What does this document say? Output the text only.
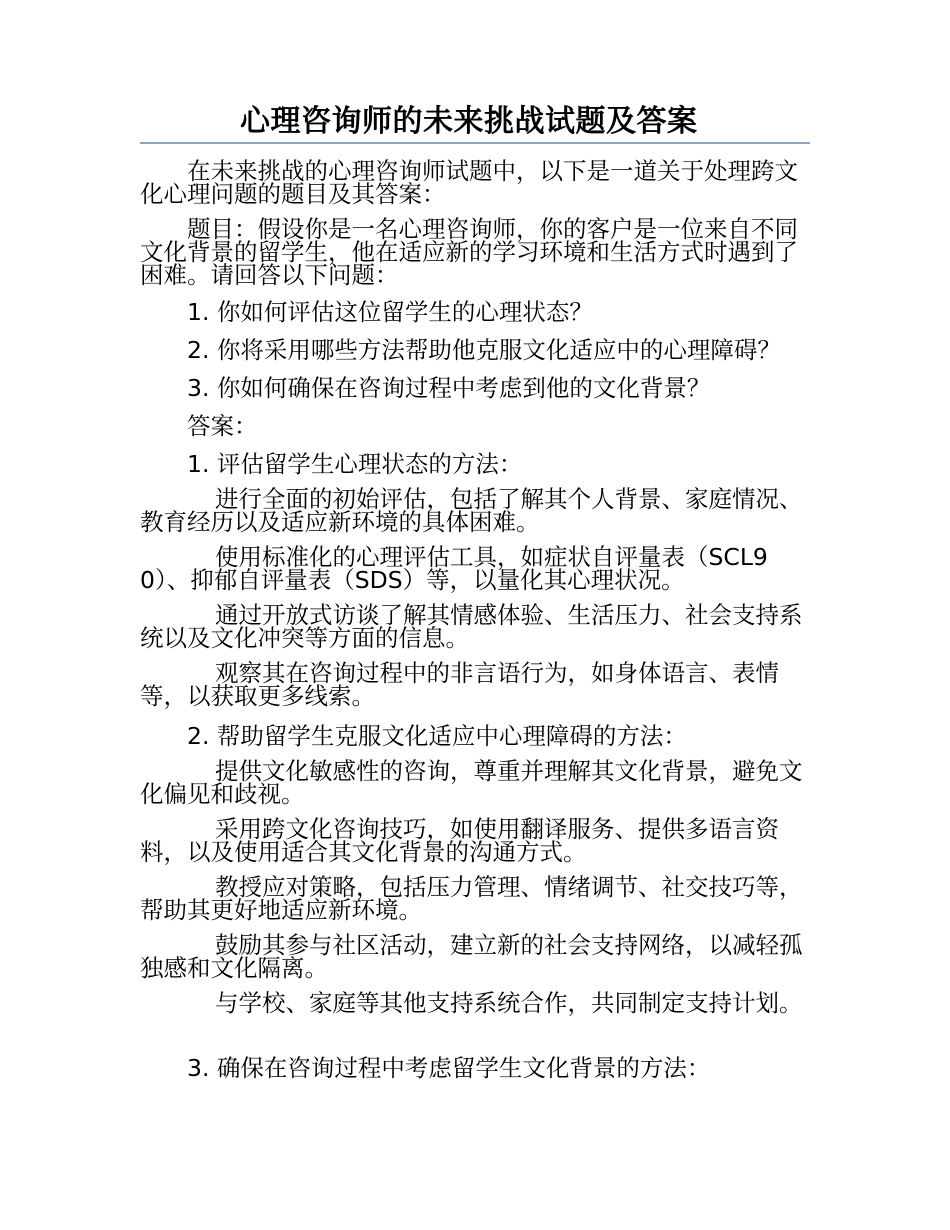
心理咨询师的未来挑战试题及答案
在未来挑战的心理咨询师试题中，以下是一道关于处理跨文化心理问题的题目及其答案：
题目：假设你是一名心理咨询师，你的客户是一位来自不同文化背景的留学生，他在适应新的学习环境和生活方式时遇到了困难。请回答以下问题：
1. 你如何评估这位留学生的心理状态？
2. 你将采用哪些方法帮助他克服文化适应中的心理障碍？
3. 你如何确保在咨询过程中考虑到他的文化背景？
答案：
1. 评估留学生心理状态的方法：
进行全面的初始评估，包括了解其个人背景、家庭情况、教育经历以及适应新环境的具体困难。
使用标准化的心理评估工具，如症状自评量表（SCL90）、抑郁自评量表（SDS）等，以量化其心理状况。
通过开放式访谈了解其情感体验、生活压力、社会支持系统以及文化冲突等方面的信息。
观察其在咨询过程中的非言语行为，如身体语言、表情等，以获取更多线索。
2. 帮助留学生克服文化适应中心理障碍的方法：
提供文化敏感性的咨询，尊重并理解其文化背景，避免文化偏见和歧视。
采用跨文化咨询技巧，如使用翻译服务、提供多语言资料，以及使用适合其文化背景的沟通方式。
教授应对策略，包括压力管理、情绪调节、社交技巧等，帮助其更好地适应新环境。
鼓励其参与社区活动，建立新的社会支持网络，以减轻孤独感和文化隔离。
与学校、家庭等其他支持系统合作，共同制定支持计划。
3. 确保在咨询过程中考虑留学生文化背景的方法：
